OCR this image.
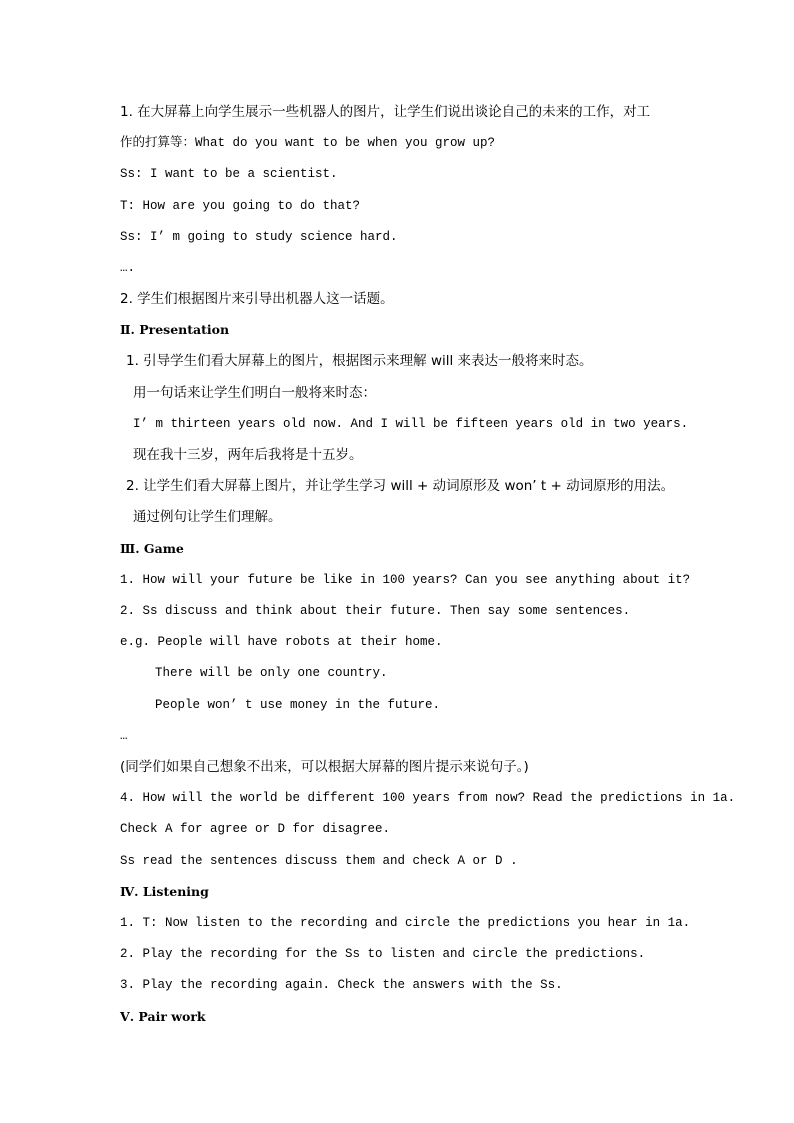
1. 在大屏幕上向学生展示一些机器人的图片，让学生们说出谈论自己的未来的工作，对工
作的打算等：What do you want to be when you grow up?
Ss: I want to be a scientist.
T: How are you going to do that?
Ss: I’ m going to study science hard.
….
2. 学生们根据图片来引导出机器人这一话题。
Ⅱ. Presentation
1. 引导学生们看大屏幕上的图片，根据图示来理解 will 来表达一般将来时态。
用一句话来让学生们明白一般将来时态：
I’ m thirteen years old now. And I will be fifteen years old in two years.
现在我十三岁，两年后我将是十五岁。
2. 让学生们看大屏幕上图片，并让学生学习 will + 动词原形及 won’ t + 动词原形的用法。
通过例句让学生们理解。
Ⅲ. Game
1. How will your future be like in 100 years? Can you see anything about it?
2. Ss discuss and think about their future. Then say some sentences.
e.g. People will have robots at their home.
There will be only one country.
People won’ t use money in the future.
…
(同学们如果自己想象不出来，可以根据大屏幕的图片提示来说句子。)
4. How will the world be different 100 years from now? Read the predictions in 1a.
Check A for agree or D for disagree.
Ss read the sentences discuss them and check A or D .
Ⅳ. Listening
1. T: Now listen to the recording and circle the predictions you hear in 1a.
2. Play the recording for the Ss to listen and circle the predictions.
3. Play the recording again. Check the answers with the Ss.
Ⅴ. Pair work
